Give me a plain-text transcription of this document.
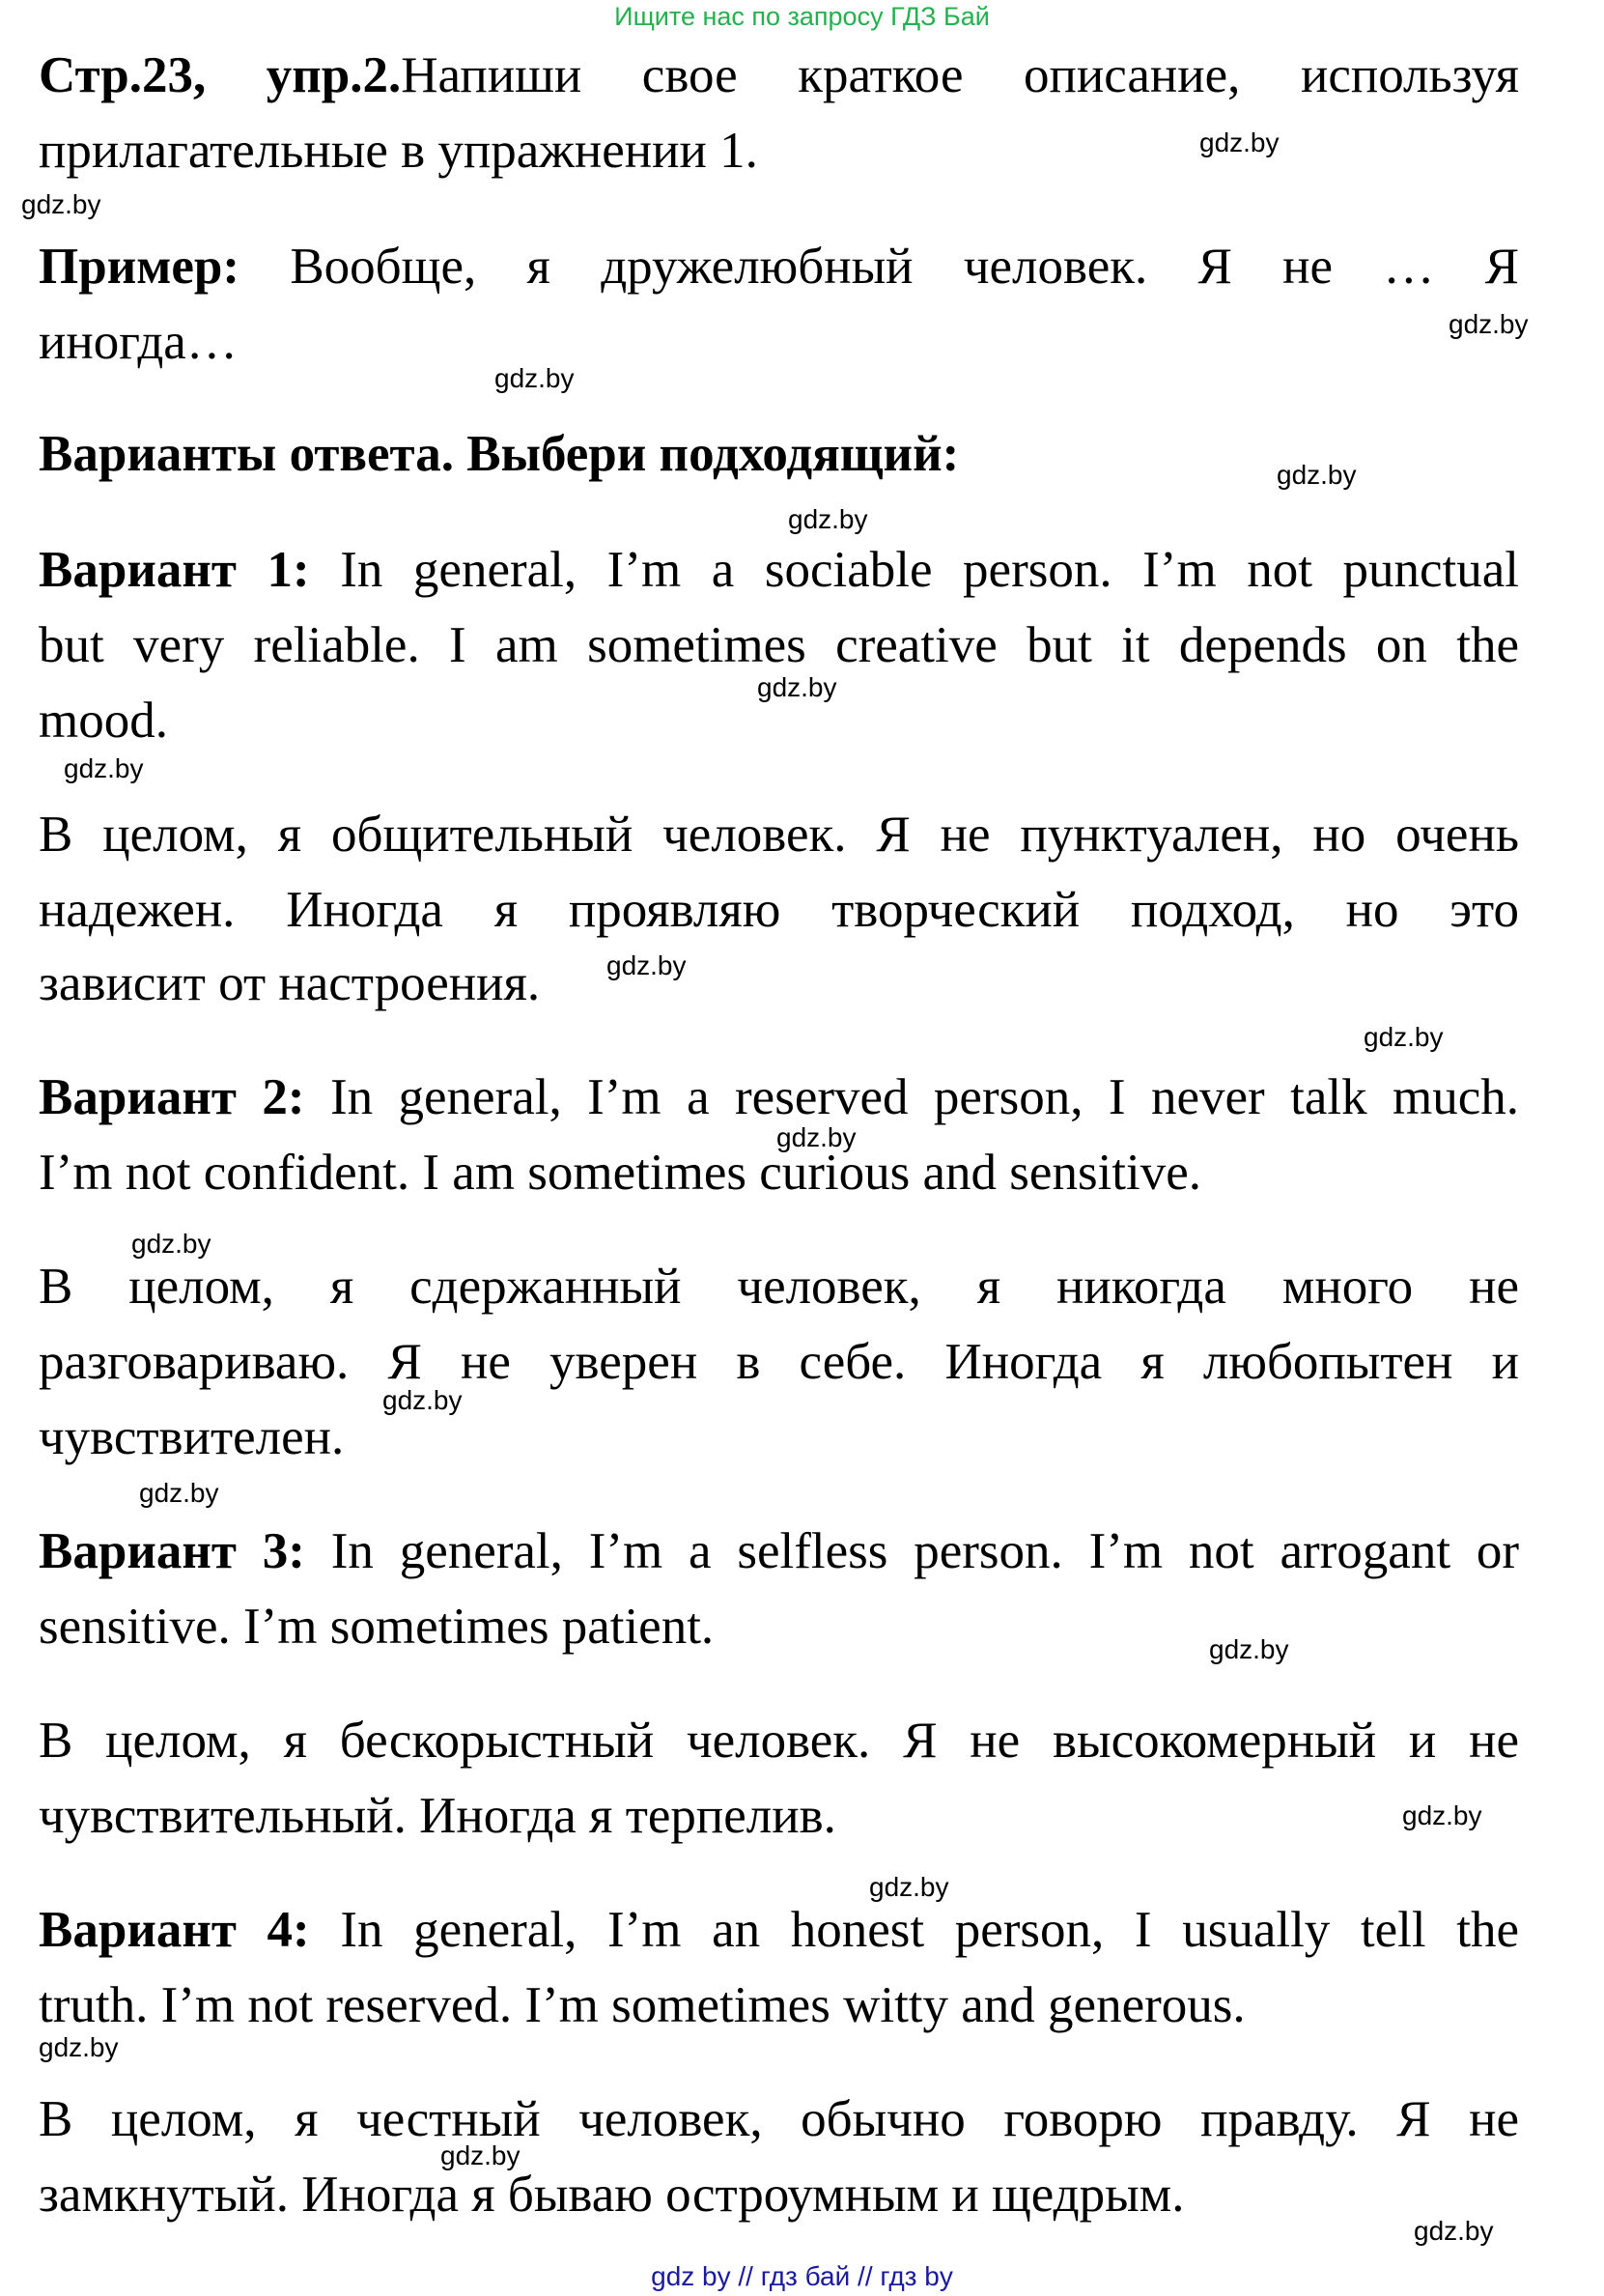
Ищите нас по запросу ГДЗ Бай
Стр.23, упр.2.Напиши свое краткое описание, используя
прилагательные в упражнении 1.
Пример: Вообще, я дружелюбный человек. Я не … Я
иногда…
Варианты ответа. Выбери подходящий:
Вариант 1: In general, I’m a sociable person. I’m not punctual
but very reliable. I am sometimes creative but it depends on the
mood.
В целом, я общительный человек. Я не пунктуален, но очень
надежен. Иногда я проявляю творческий подход, но это
зависит от настроения.
Вариант 2: In general, I’m a reserved person, I never talk much.
I’m not confident. I am sometimes curious and sensitive.
В целом, я сдержанный человек, я никогда много не
разговариваю. Я не уверен в себе. Иногда я любопытен и
чувствителен.
Вариант 3: In general, I’m a selfless person. I’m not arrogant or
sensitive. I’m sometimes patient.
В целом, я бескорыстный человек. Я не высокомерный и не
чувствительный. Иногда я терпелив.
Вариант 4: In general, I’m an honest person, I usually tell the
truth. I’m not reserved. I’m sometimes witty and generous.
В целом, я честный человек, обычно говорю правду. Я не
замкнутый. Иногда я бываю остроумным и щедрым.
gdz.by
gdz.by
gdz.by
gdz.by
gdz.by
gdz.by
gdz.by
gdz.by
gdz.by
gdz.by
gdz.by
gdz.by
gdz.by
gdz.by
gdz.by
gdz.by
gdz.by
gdz.by
gdz.by
gdz.by
gdz by // гдз бай // гдз by
